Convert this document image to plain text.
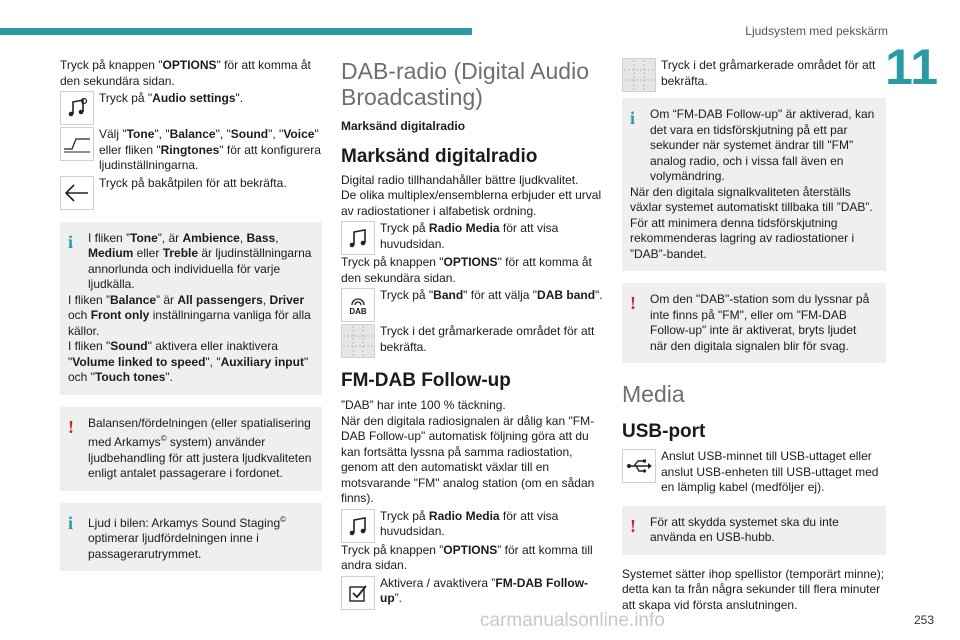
Ljudsystem med pekskärm
11

Tryck på knappen "OPTIONS" för att komma åt den sekundära sidan.

Tryck på "Audio settings".

Välj "Tone", "Balance", "Sound", "Voice" eller fliken "Ringtones" för att konfigurera ljudinställningarna.

Tryck på bakåtpilen för att bekräfta.

i	I fliken ”Tone”, är Ambience, Bass, Medium eller Treble är ljudinställningarna annorlunda och individuella för varje ljudkälla.

I fliken ”Balance” är All passengers, Driver och Front only inställningarna vanliga för alla källor.

I fliken "Sound" aktivera eller inaktivera "Volume linked to speed", "Auxiliary input" och "Touch tones".

!	Balansen/fördelningen (eller spatialisering med Arkamys© system) använder ljudbehandling för att justera ljudkvaliteten enligt antalet passagerare i fordonet.

i	Ljud i bilen: Arkamys Sound Staging© optimerar ljudfördelningen inne i passagerarutrymmet.

DAB-radio (Digital Audio Broadcasting)

Marksänd digitalradio

Marksänd digitalradio

Digital radio tillhandahåller bättre ljudkvalitet.

De olika multiplex/ensemblerna erbjuder ett urval av radiostationer i alfabetisk ordning.

Tryck på Radio Media för att visa huvudsidan.

Tryck på knappen "OPTIONS" för att komma åt den sekundära sidan.

DAB

Tryck på "Band" för att välja "DAB band".

Tryck i det gråmarkerade området för att bekräfta.

FM-DAB Follow-up

”DAB” har inte 100 % täckning.

När den digitala radiosignalen är dålig kan "FM-DAB Follow-up" automatisk följning göra att du kan fortsätta lyssna på samma radiostation, genom att den automatiskt växlar till en motsvarande "FM" analog station (om en sådan finns).

Tryck på Radio Media för att visa huvudsidan.

Tryck på knappen ”OPTIONS” för att komma till andra sidan.

Aktivera / avaktivera ”FM-DAB Follow-up”.

Tryck i det gråmarkerade området för att bekräfta.

i	Om “FM-DAB Follow-up" är aktiverad, kan det vara en tidsförskjutning på ett par sekunder när systemet ändrar till "FM" analog radio, och i vissa fall även en volymändring.

När den digitala signalkvaliteten återställs växlar systemet automatiskt tillbaka till ”DAB”.

För att minimera denna tidsförskjutning rekommenderas lagring av radiostationer i ”DAB”-bandet.

!	Om den "DAB"-station som du lyssnar på inte finns på "FM", eller om "FM-DAB Follow-up" inte är aktiverat, bryts ljudet när den digitala signalen blir för svag.

Media
USB-port

Anslut USB-minnet till USB-uttaget eller anslut USB-enheten till USB-uttaget med en lämplig kabel (medföljer ej).

!	För att skydda systemet ska du inte använda en USB-hubb.

Systemet sätter ihop spellistor (temporärt minne); detta kan ta från några sekunder till flera minuter att skapa vid första anslutningen.

carmanualsonline.info	253
